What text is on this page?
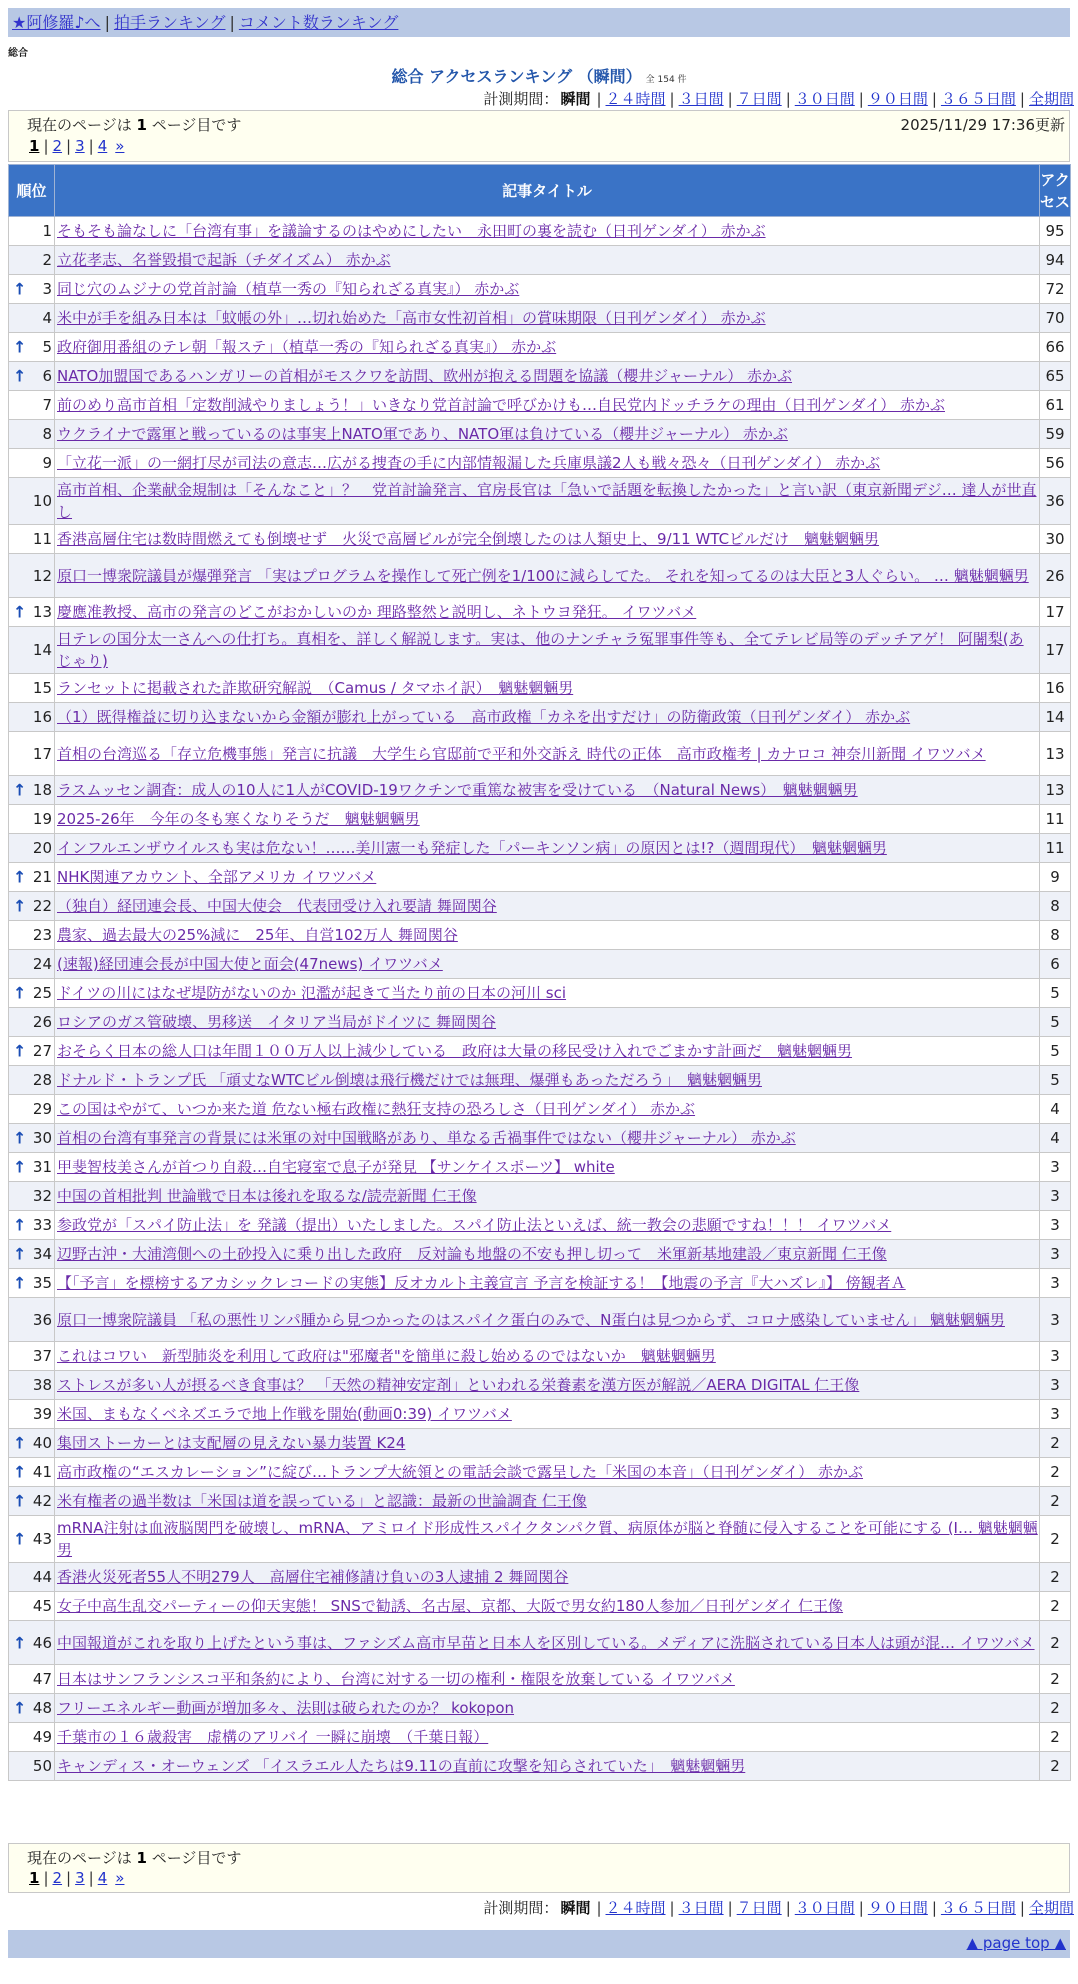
★阿修羅♪へ | 拍手ランキング | コメント数ランキング
総合
総合 アクセスランキング （瞬間） 全 154 件
計測期間： 瞬間 | ２４時間 | ３日間 | ７日間 | ３０日間 | ９０日間 | ３６５日間 | 全期間
現在のページは 1 ページ目です	2025/11/29 17:36更新
1 | 2 | 3 | 4 »
順位	記事タイトル	アクセス
1	そもそも論なしに「台湾有事」を議論するのはやめにしたい　永田町の裏を読む（日刊ゲンダイ） 赤かぶ	95
2	立花孝志、名誉毀損で起訴（チダイズム） 赤かぶ	94

↑ 3	同じ穴のムジナの党首討論（植草一秀の『知られざる真実』） 赤かぶ	72
4	米中が手を組み日本は「蚊帳の外」…切れ始めた「高市女性初首相」の賞味期限（日刊ゲンダイ） 赤かぶ	70

↑ 5	政府御用番組のテレ朝「報ステ」（植草一秀の『知られざる真実』） 赤かぶ	66

↑ 6	NATO加盟国であるハンガリーの首相がモスクワを訪問、欧州が抱える問題を協議（櫻井ジャーナル） 赤かぶ	65
7	前のめり高市首相「定数削減やりましょう！」いきなり党首討論で呼びかけも…自民党内ドッチラケの理由（日刊ゲンダイ） 赤かぶ	61
8	ウクライナで露軍と戦っているのは事実上NATO軍であり、NATO軍は負けている（櫻井ジャーナル） 赤かぶ	59
9	「立花一派」の一網打尽が司法の意志…広がる捜査の手に内部情報漏した兵庫県議2人も戦々恐々（日刊ゲンダイ） 赤かぶ	56
10	高市首相、企業献金規制は「そんなこと」？　党首討論発言、官房長官は「急いで話題を転換したかった」と言い訳（東京新聞デジ… 達人が世直し	36
11	香港高層住宅は数時間燃えても倒壊せず　火災で高層ビルが完全倒壊したのは人類史上、9/11 WTCビルだけ　魑魅魍魎男	30
12	原口一博衆院議員が爆弾発言 「実はプログラムを操作して死亡例を1/100に減らしてた。 それを知ってるのは大臣と3人ぐらい。 … 魑魅魍魎男	26

↑ 13	慶應准教授、高市の発言のどこがおかしいのか 理路整然と説明し、ネトウヨ発狂。 イワツバメ	17
14	日テレの国分太一さんへの仕打ち。真相を、詳しく解説します。実は、他のナンチャラ冤罪事件等も、全てテレビ局等のデッチアゲ！ 阿闍梨(あじゃり)	17
15	ランセットに掲載された詐欺研究解説　（Camus / タマホイ訳）　魑魅魍魎男	16
16	（1）既得権益に切り込まないから金額が膨れ上がっている　高市政権「カネを出すだけ」の防衛政策（日刊ゲンダイ） 赤かぶ	14
17	首相の台湾巡る「存立危機事態」発言に抗議　大学生ら官邸前で平和外交訴え 時代の正体　高市政権考 | カナロコ 神奈川新聞 イワツバメ	13

↑ 18	ラスムッセン調査：成人の10人に1人がCOVID-19ワクチンで重篤な被害を受けている　（Natural News）　魑魅魍魎男	13
19	2025-26年　今年の冬も寒くなりそうだ　魑魅魍魎男	11
20	インフルエンザウイルスも実は危ない！……美川憲一も発症した「パーキンソン病」の原因とは!?（週間現代）　魑魅魍魎男	11

↑ 21	NHK関連アカウント、全部アメリカ イワツバメ	9

↑ 22	（独自）経団連会長、中国大使会　代表団受け入れ要請 舞岡関谷	8
23	農家、過去最大の25%減に　25年、自営102万人 舞岡関谷	8
24	(速報)経団連会長が中国大使と面会(47news) イワツバメ	6

↑ 25	ドイツの川にはなぜ堤防がないのか 氾濫が起きて当たり前の日本の河川 sci	5
26	ロシアのガス管破壊、男移送　イタリア当局がドイツに 舞岡関谷	5

↑ 27	おそらく日本の総人口は年間１００万人以上減少している　政府は大量の移民受け入れでごまかす計画だ　魑魅魍魎男	5
28	ドナルド・トランプ氏 「頑丈なWTCビル倒壊は飛行機だけでは無理、爆弾もあっただろう」　魑魅魍魎男	5
29	この国はやがて、いつか来た道 危ない極右政権に熱狂支持の恐ろしさ（日刊ゲンダイ） 赤かぶ	4

↑ 30	首相の台湾有事発言の背景には米軍の対中国戦略があり、単なる舌禍事件ではない（櫻井ジャーナル） 赤かぶ	4

↑ 31	甲斐智枝美さんが首つり自殺…自宅寝室で息子が発見 【サンケイスポーツ】 white	3
32	中国の首相批判 世論戦で日本は後れを取るな/読売新聞 仁王像	3

↑ 33	参政党が「スパイ防止法」を 発議（提出）いたしました。スパイ防止法といえば、統一教会の悲願ですね！！！ イワツバメ	3

↑ 34	辺野古沖・大浦湾側への土砂投入に乗り出した政府　反対論も地盤の不安も押し切って　米軍新基地建設／東京新聞 仁王像	3

↑ 35	【「予言」を標榜するアカシックレコードの実態】反オカルト主義宣言 予言を検証する！【地震の予言『大ハズレ』】 傍観者Ａ	3
36	原口一博衆院議員 「私の悪性リンパ腫から見つかったのはスパイク蛋白のみで、N蛋白は見つからず、コロナ感染していません」 魑魅魍魎男	3
37	これはコワい　新型肺炎を利用して政府は"邪魔者"を簡単に殺し始めるのではないか　魑魅魍魎男	3
38	ストレスが多い人が摂るべき食事は？ 「天然の精神安定剤」といわれる栄養素を漢方医が解説／AERA DIGITAL 仁王像	3
39	米国、まもなくベネズエラで地上作戦を開始(動画0:39) イワツバメ	3

↑ 40	集団ストーカーとは支配層の見えない暴力装置 K24	2

↑ 41	高市政権の“エスカレーション”に綻び…トランプ大統領との電話会談で露呈した「米国の本音」（日刊ゲンダイ） 赤かぶ	2

↑ 42	米有権者の過半数は「米国は道を誤っている」と認識：最新の世論調査 仁王像	2

↑ 43	mRNA注射は血液脳関門を破壊し、mRNA、アミロイド形成性スパイクタンパク質、病原体が脳と脊髄に侵入することを可能にする (I… 魑魅魍魎男	2
44	香港火災死者55人不明279人　高層住宅補修請け負いの3人逮捕 2 舞岡関谷	2
45	女子中高生乱交パーティーの仰天実態！ SNSで勧誘、名古屋、京都、大阪で男女約180人参加／日刊ゲンダイ 仁王像	2

↑ 46	中国報道がこれを取り上げたという事は、ファシズム高市早苗と日本人を区別している。メディアに洗脳されている日本人は頭が混… イワツバメ	2
47	日本はサンフランシスコ平和条約により、台湾に対する一切の権利・権限を放棄している イワツバメ	2

↑ 48	フリーエネルギー動画が増加多々、法則は破られたのか？ kokopon	2
49	千葉市の１６歳殺害　虚構のアリバイ 一瞬に崩壊　（千葉日報）	2
50	キャンディス・オーウェンズ 「イスラエル人たちは9.11の直前に攻撃を知らされていた」　魑魅魍魎男	2
現在のページは 1 ページ目です
1 | 2 | 3 | 4 »
計測期間： 瞬間 | ２４時間 | ３日間 | ７日間 | ３０日間 | ９０日間 | ３６５日間 | 全期間
▲ page top ▲
